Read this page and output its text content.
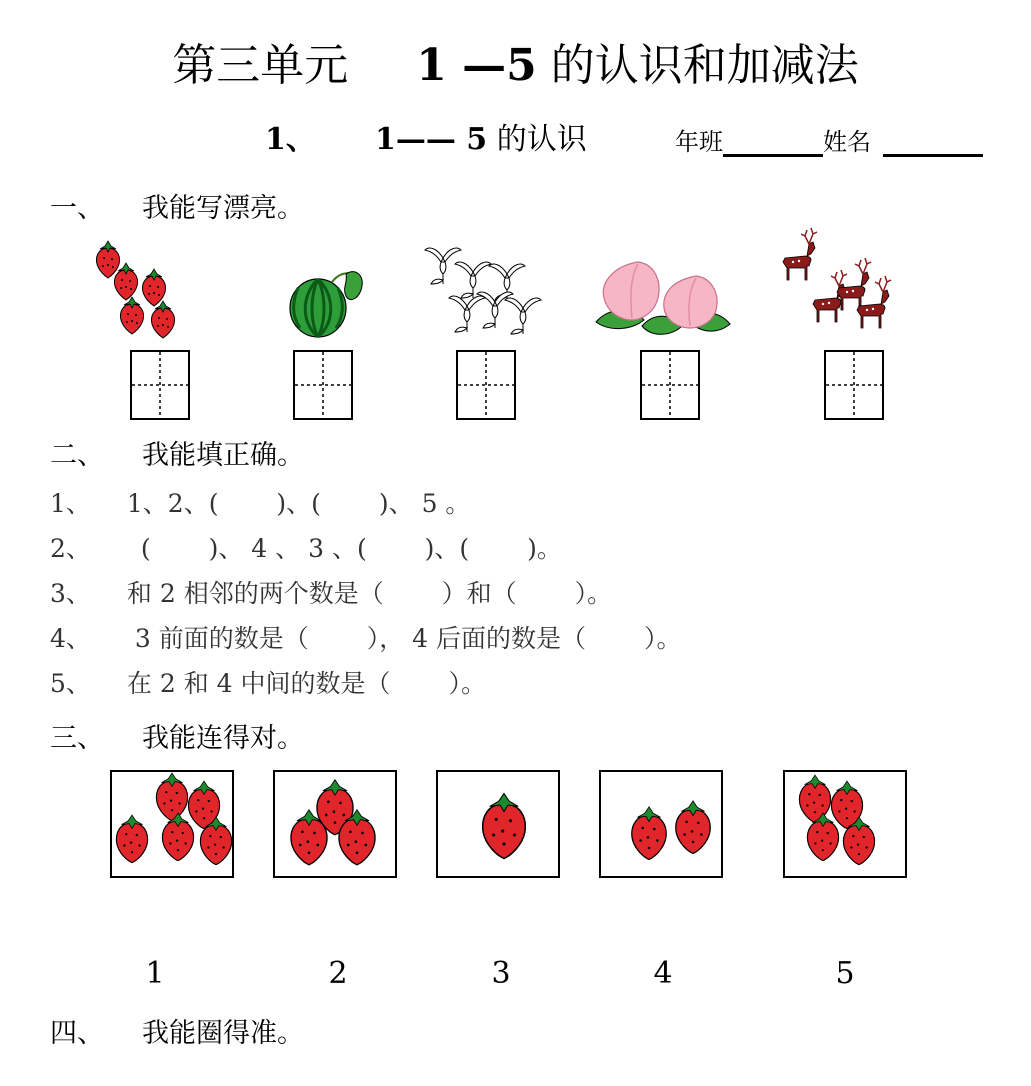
第三单元 1 —5 的认识和加减法
1、 1—— 5 的认识	年班	姓名
一、 我能写漂亮。
二、 我能填正确。
1、 1、2、(　　 )、(　　 )、 5 。
2、 (　　 )、 4 、 3 、(　　 )、(　　 )。
3、 和 2 相邻的两个数是（　　 ）和（　　 ）。
4、 3 前面的数是（　　 ）， 4 后面的数是（　　 ）。
5、 在 2 和 4 中间的数是（　　 ）。
三、 我能连得对。
1	2	3	4	5
四、 我能圈得准。
